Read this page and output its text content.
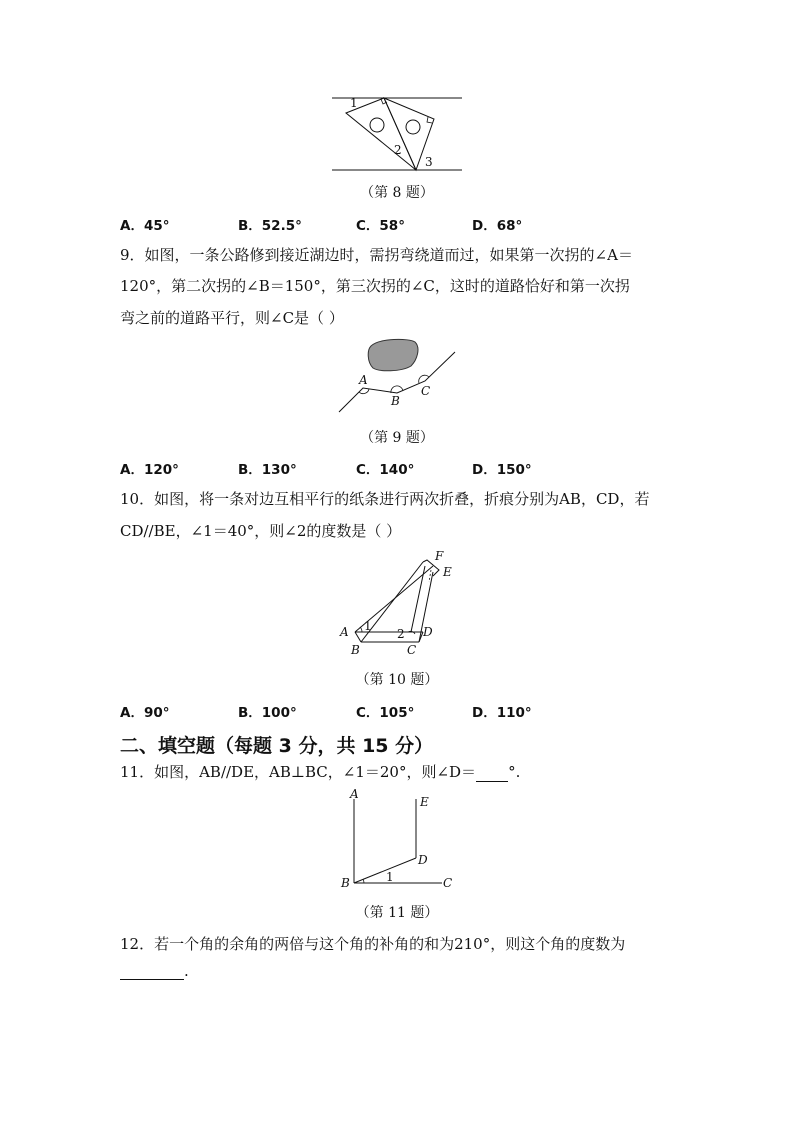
1
2
3
（第 8 题）
A．45°	B．52.5°	C．58°	D．68°
9．如图，一条公路修到接近湖边时，需拐弯绕道而过，如果第一次拐的∠A＝
120°，第二次拐的∠B＝150°，第三次拐的∠C，这时的道路恰好和第一次拐
弯之前的道路平行，则∠C是（ ）
A
B
C
（第 9 题）
A．120°	B．130°	C．140°	D．150°
10．如图，将一条对边互相平行的纸条进行两次折叠，折痕分别为AB，CD，若
CD//BE，∠1＝40°，则∠2的度数是（ ）
F
E
A 1
2 D
B	C
（第 10 题）
A．90°	B．100°	C．105°	D．110°
二、填空题（每题 3 分，共 15 分）
11．如图，AB//DE，AB⊥BC，∠1＝20°，则∠D＝ °.
A
E
D
B	1	C
（第 11 题）
12．若一个角的余角的两倍与这个角的补角的和为210°，则这个角的度数为
.
